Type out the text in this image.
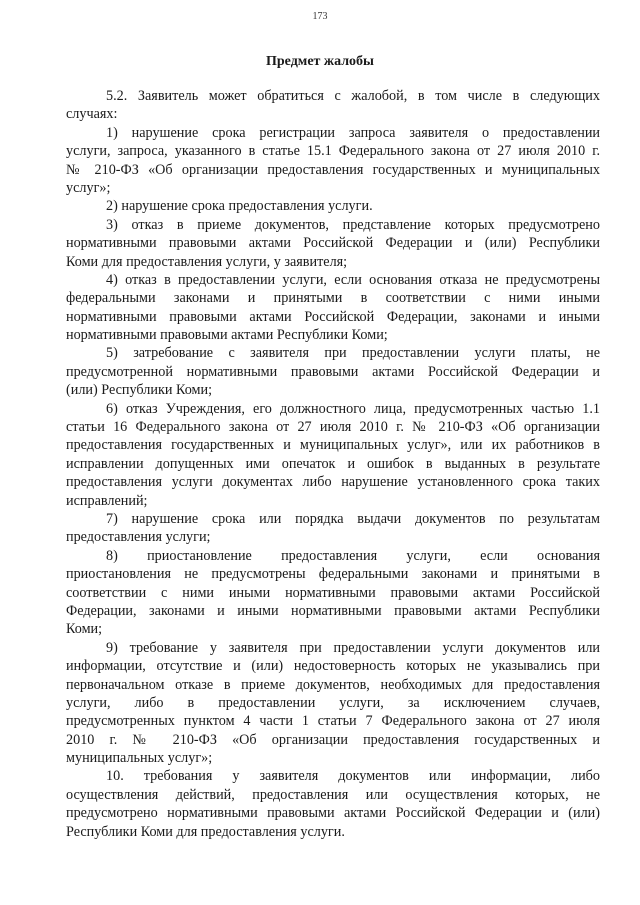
173
Предмет жалобы
5.2. Заявитель может обратиться с жалобой, в том числе в следующих
случаях:
1) нарушение срока регистрации запроса заявителя о предоставлении
услуги, запроса, указанного в статье 15.1 Федерального закона от 27 июля 2010 г.
№ 210-ФЗ «Об организации предоставления государственных и муниципальных
услуг»;
2) нарушение срока предоставления услуги.
3) отказ в приеме документов, представление которых предусмотрено
нормативными правовыми актами Российской Федерации и (или) Республики
Коми для предоставления услуги, у заявителя;
4) отказ в предоставлении услуги, если основания отказа не предусмотрены
федеральными законами и принятыми в соответствии с ними иными
нормативными правовыми актами Российской Федерации, законами и иными
нормативными правовыми актами Республики Коми;
5) затребование с заявителя при предоставлении услуги платы, не
предусмотренной нормативными правовыми актами Российской Федерации и
(или) Республики Коми;
6) отказ Учреждения, его должностного лица, предусмотренных частью 1.1
статьи 16 Федерального закона от 27 июля 2010 г. № 210-ФЗ «Об организации
предоставления государственных и муниципальных услуг», или их работников в
исправлении допущенных ими опечаток и ошибок в выданных в результате
предоставления услуги документах либо нарушение установленного срока таких
исправлений;
7) нарушение срока или порядка выдачи документов по результатам
предоставления услуги;
8) приостановление предоставления услуги, если основания
приостановления не предусмотрены федеральными законами и принятыми в
соответствии с ними иными нормативными правовыми актами Российской
Федерации, законами и иными нормативными правовыми актами Республики
Коми;
9) требование у заявителя при предоставлении услуги документов или
информации, отсутствие и (или) недостоверность которых не указывались при
первоначальном отказе в приеме документов, необходимых для предоставления
услуги, либо в предоставлении услуги, за исключением случаев,
предусмотренных пунктом 4 части 1 статьи 7 Федерального закона от 27 июля
2010 г. № 210-ФЗ «Об организации предоставления государственных и
муниципальных услуг»;
10. требования у заявителя документов или информации, либо
осуществления действий, предоставления или осуществления которых, не
предусмотрено нормативными правовыми актами Российской Федерации и (или)
Республики Коми для предоставления услуги.
